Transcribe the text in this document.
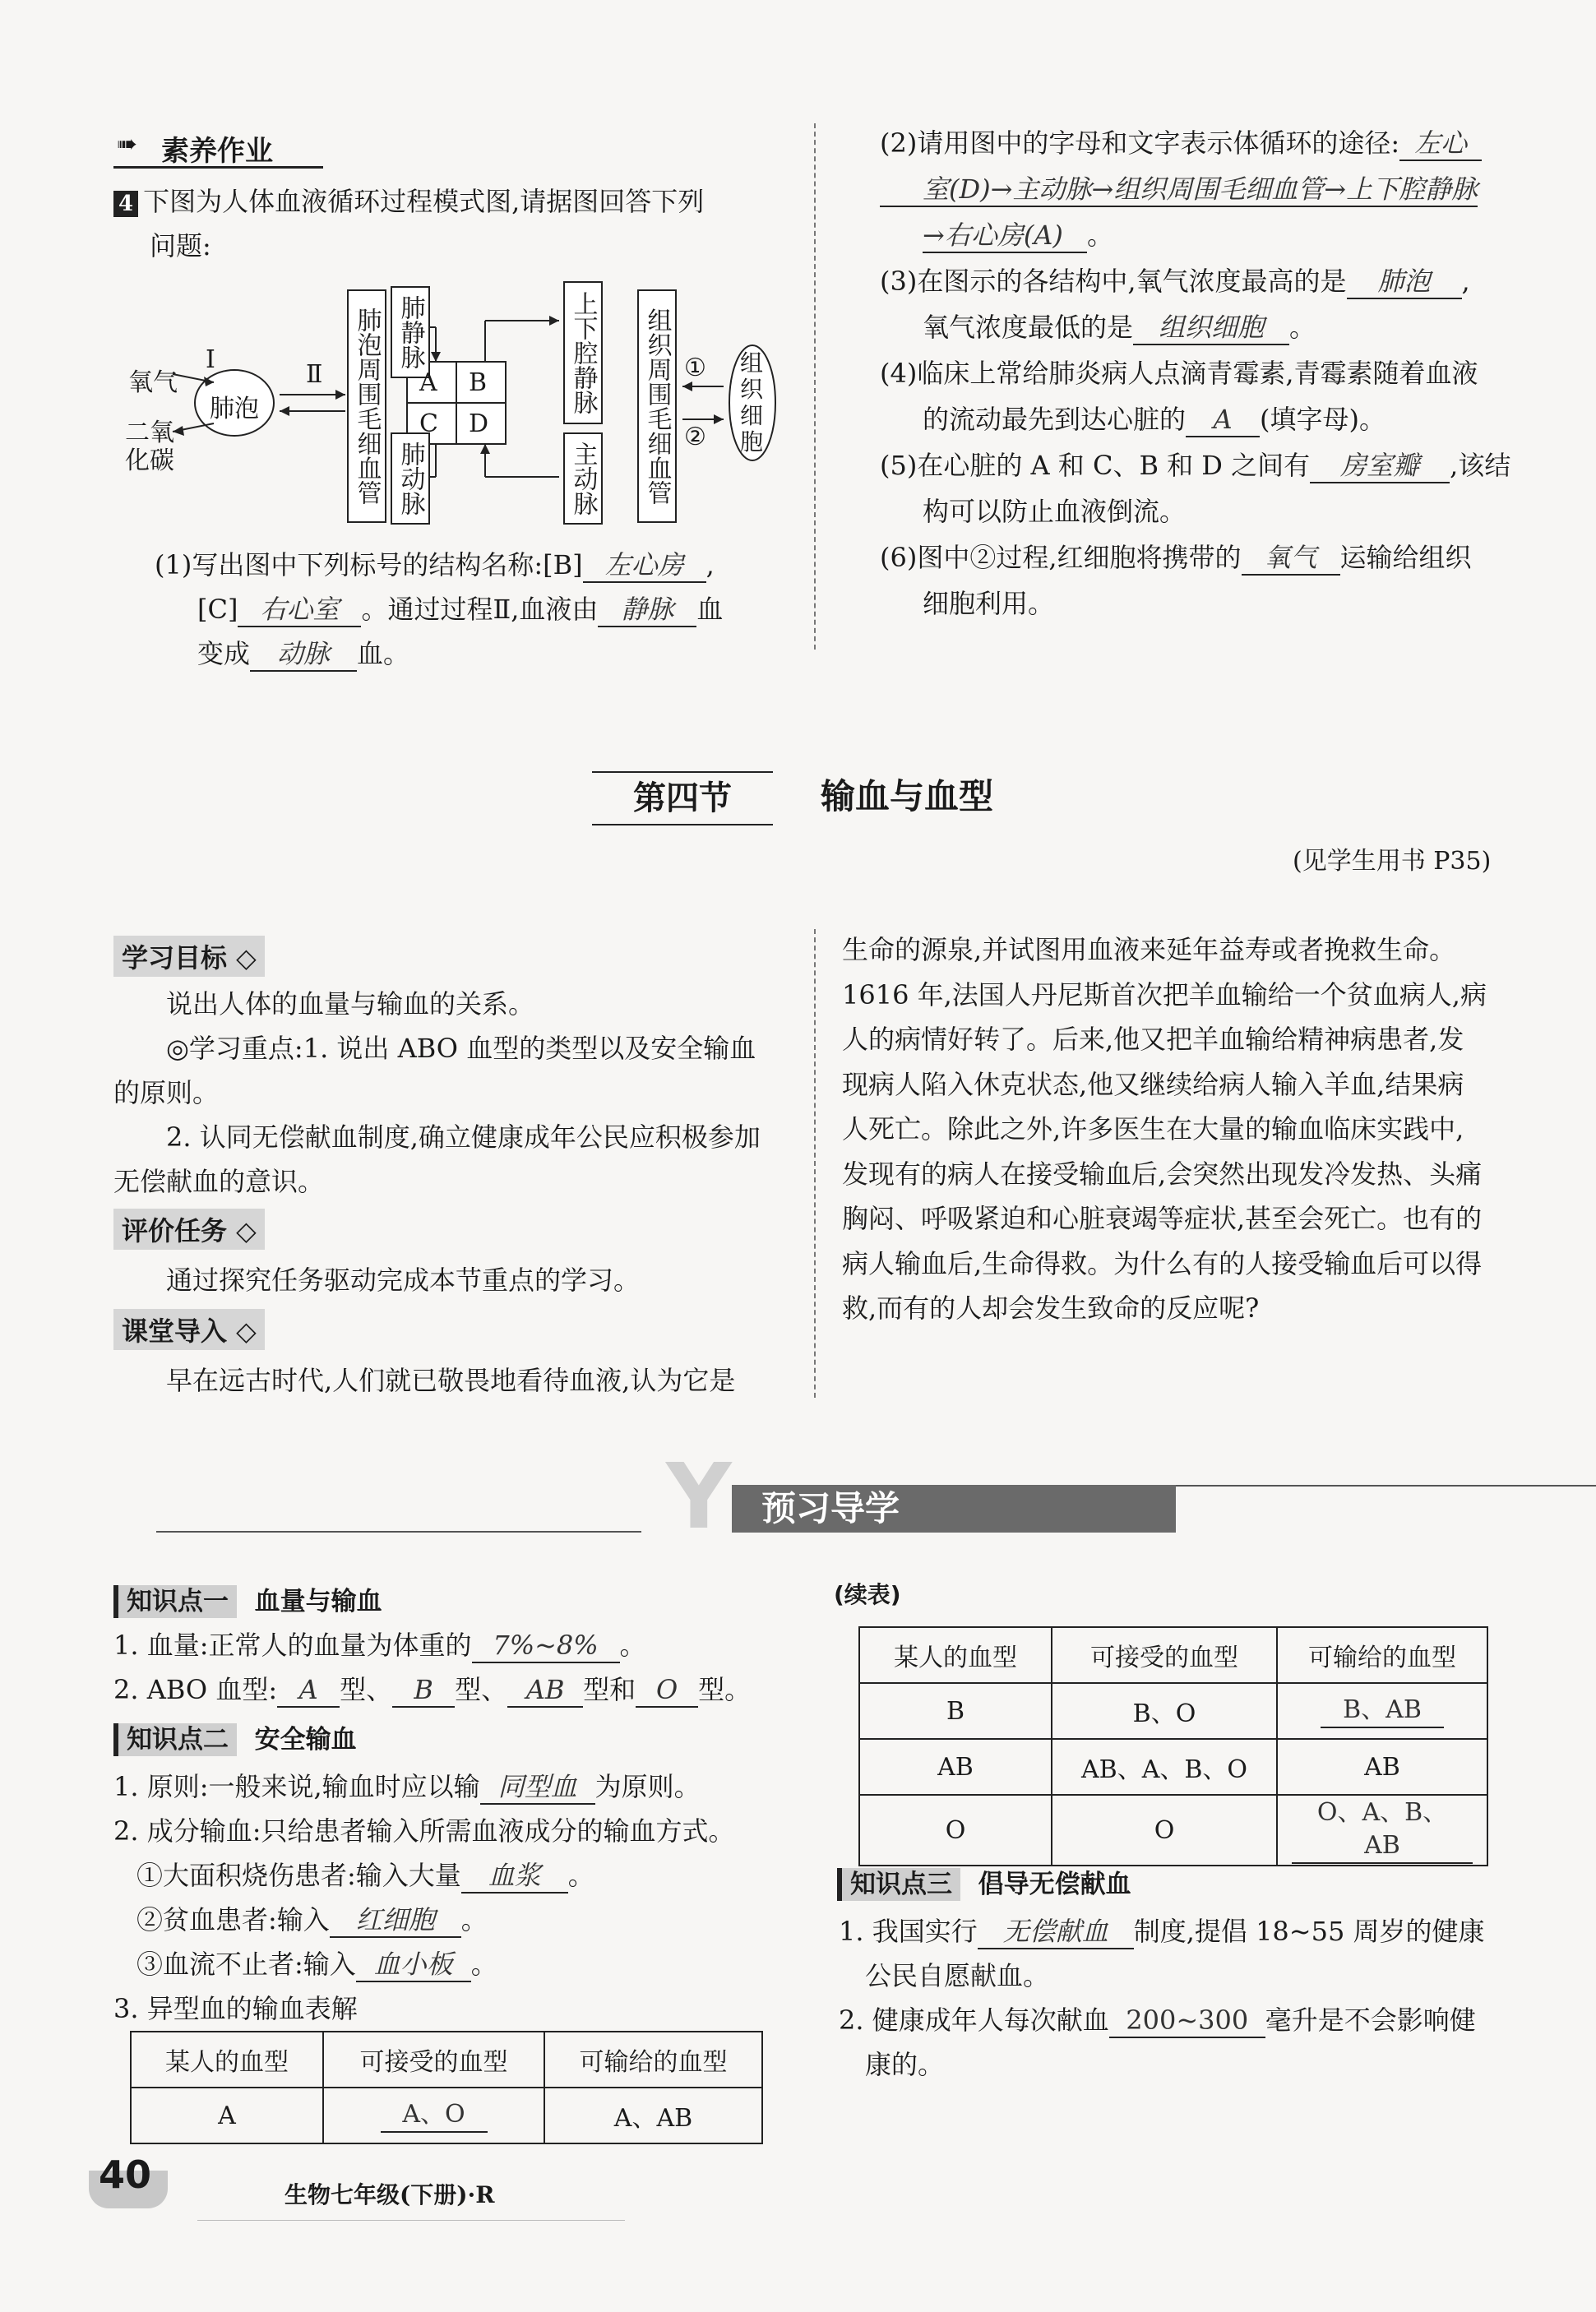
➠ 素养作业
4 下图为人体血液循环过程模式图,请据图回答下列
问题:
氧气
Ⅰ
二氧化碳
肺泡
Ⅱ 肺泡周围毛细血管 肺静脉
肺动脉
A B
C D
上下腔静脉
主动脉 组织周围毛细血管 ①
②
组织细胞
(1)写出图中下列标号的结构名称:[B] 左心房 ,
[C] 右心室 。通过过程Ⅱ,血液由 静脉 血
变成 动脉 血。
(2)请用图中的字母和文字表示体循环的途径: 左心
室(D)→主动脉→组织周围毛细血管→上下腔静脉
→右心房(A) 。
(3)在图示的各结构中,氧气浓度最高的是 肺泡 ,
氧气浓度最低的是 组织细胞 。
(4)临床上常给肺炎病人点滴青霉素,青霉素随着血液
的流动最先到达心脏的 A (填字母)。
(5)在心脏的 A 和 C、B 和 D 之间有 房室瓣 ,该结
构可以防止血液倒流。
(6)图中②过程,红细胞将携带的 氧气 运输给组织
细胞利用。
第四节	输血与血型
(见学生用书 P35)
学习目标 ◇
说出人体的血量与输血的关系。
◎学习重点:1. 说出 ABO 血型的类型以及安全输血
的原则。
2. 认同无偿献血制度,确立健康成年公民应积极参加
无偿献血的意识。
评价任务 ◇
通过探究任务驱动完成本节重点的学习。
课堂导入 ◇
早在远古时代,人们就已敬畏地看待血液,认为它是
生命的源泉,并试图用血液来延年益寿或者挽救生命。
1616 年,法国人丹尼斯首次把羊血输给一个贫血病人,病
人的病情好转了。后来,他又把羊血输给精神病患者,发
现病人陷入休克状态,他又继续给病人输入羊血,结果病
人死亡。除此之外,许多医生在大量的输血临床实践中,
发现有的病人在接受输血后,会突然出现发冷发热、头痛
胸闷、呼吸紧迫和心脏衰竭等症状,甚至会死亡。也有的
病人输血后,生命得救。为什么有的人接受输血后可以得
救,而有的人却会发生致命的反应呢?
Y 预习导学
知识点一 血量与输血
1. 血量:正常人的血量为体重的 7%~8% 。
2. ABO 血型: A 型、 B 型、 AB 型和 O 型。
知识点二 安全输血
1. 原则:一般来说,输血时应以输 同型血 为原则。
2. 成分输血:只给患者输入所需血液成分的输血方式。
①大面积烧伤患者:输入大量 血浆 。
②贫血患者:输入 红细胞 。
③血流不止者:输入 血小板 。
3. 异型血的输血表解
某人的血型	可接受的血型	可输给的血型
A	A、O	A、AB
(续表)
某人的血型	可接受的血型	可输给的血型
B	B、O	B、AB
AB	AB、A、B、O	AB
O	O	O、A、B、AB
知识点三 倡导无偿献血
1. 我国实行 无偿献血 制度,提倡 18~55 周岁的健康
公民自愿献血。
2. 健康成年人每次献血 200~300 毫升是不会影响健
康的。
40	生物七年级(下册)·R
